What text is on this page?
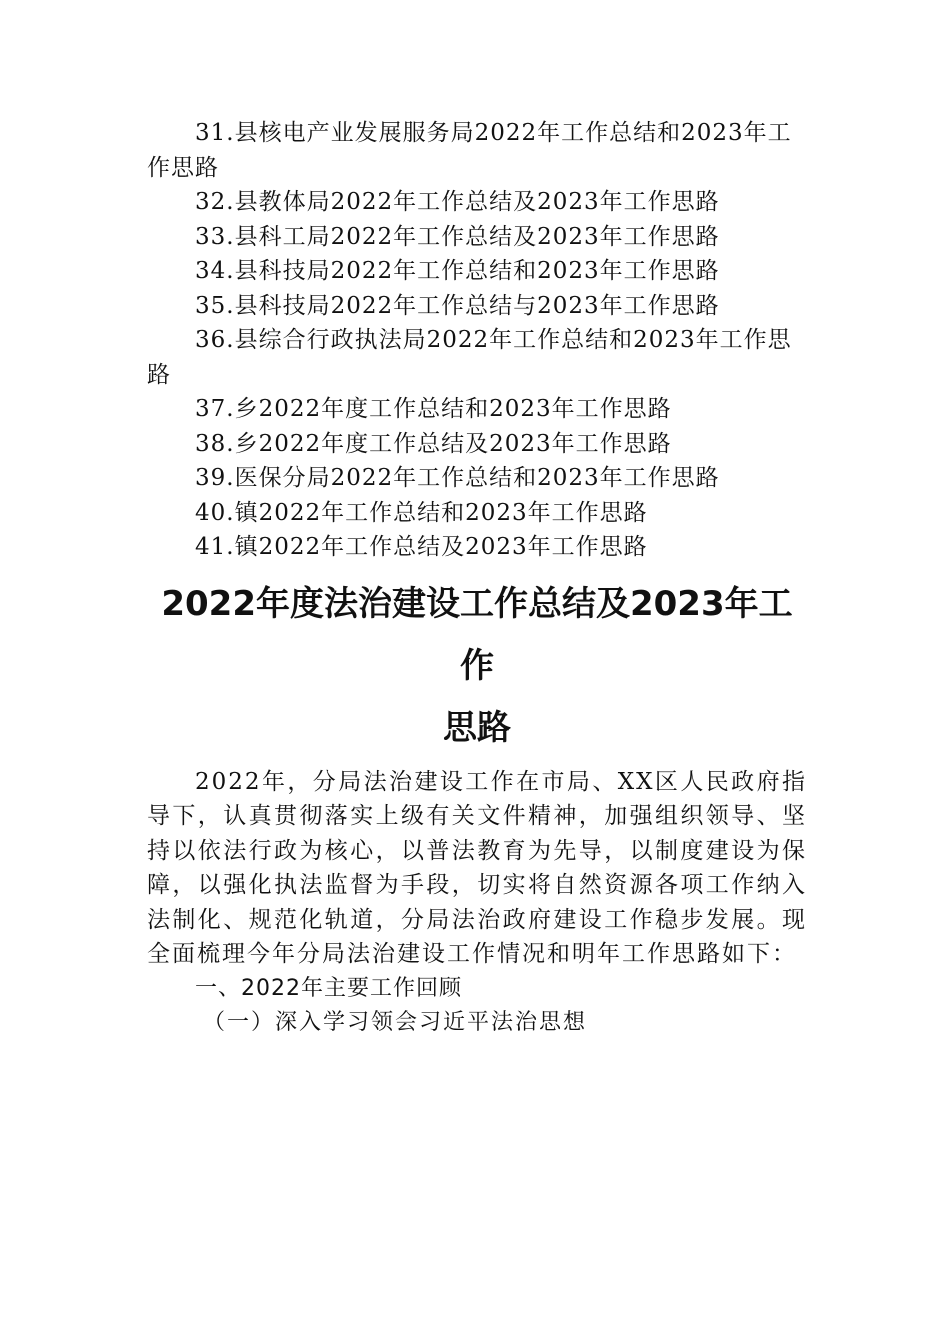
31.县核电产业发展服务局2022年工作总结和2023年工作思路
32.县教体局2022年工作总结及2023年工作思路
33.县科工局2022年工作总结及2023年工作思路
34.县科技局2022年工作总结和2023年工作思路
35.县科技局2022年工作总结与2023年工作思路
36.县综合行政执法局2022年工作总结和2023年工作思路
37.乡2022年度工作总结和2023年工作思路
38.乡2022年度工作总结及2023年工作思路
39.医保分局2022年工作总结和2023年工作思路
40.镇2022年工作总结和2023年工作思路
41.镇2022年工作总结及2023年工作思路
2022年度法治建设工作总结及2023年工作
思路

2022年，分局法治建设工作在市局、XX区人民政府指导下，认真贯彻落实上级有关文件精神，加强组织领导、坚持以依法行政为核心，以普法教育为先导，以制度建设为保障，以强化执法监督为手段，切实将自然资源各项工作纳入法制化、规范化轨道，分局法治政府建设工作稳步发展。现全面梳理今年分局法治建设工作情况和明年工作思路如下：

一、2022年主要工作回顾

（一）深入学习领会习近平法治思想
